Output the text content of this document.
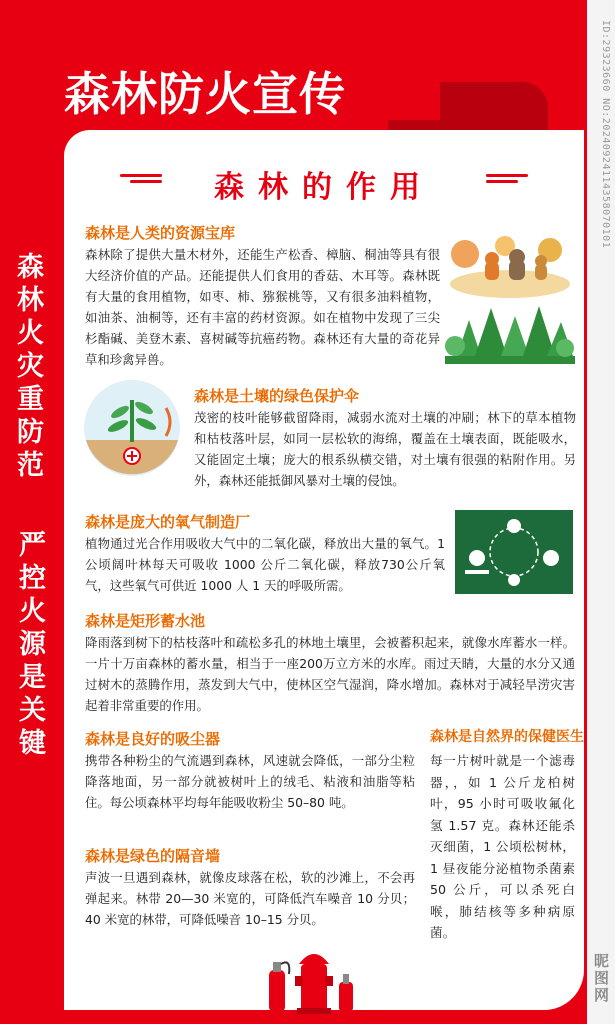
ID:29323660 NO:20240924114358070101
昵图网
森林防火宣传
森林火灾重防范
严控火源是关键
森林的作用
森林是人类的资源宝库

森林除了提供大量木材外，还能生产松香、樟脑、桐油等具有很大经济价值的产品。还能提供人们食用的香菇、木耳等。森林既有大量的食用植物，如枣、柿、猕猴桃等，又有很多油料植物，如油茶、油桐等，还有丰富的药材资源。如在植物中发现了三尖杉酯碱、美登木素、喜树碱等抗癌药物。森林还有大量的奇花异草和珍禽异兽。

森林是土壤的绿色保护伞

茂密的枝叶能够截留降雨，减弱水流对土壤的冲刷；林下的草本植物和枯枝落叶层，如同一层松软的海绵，覆盖在土壤表面，既能吸水，又能固定土壤；庞大的根系纵横交错，对土壤有很强的粘附作用。另外，森林还能抵御风暴对土壤的侵蚀。

森林是庞大的氧气制造厂

植物通过光合作用吸收大气中的二氧化碳，释放出大量的氧气。1 公顷阔叶林每天可吸收 1000 公斤二氧化碳，释放730公斤氧气，这些氧气可供近 1000 人 1 天的呼吸所需。

森林是矩形蓄水池

降雨落到树下的枯枝落叶和疏松多孔的林地土壤里，会被蓄积起来，就像水库蓄水一样。一片十万亩森林的蓄水量，相当于一座200万立方米的水库。雨过天睛，大量的水分又通过树木的蒸腾作用，蒸发到大气中，使林区空气湿润，降水增加。森林对于减轻旱涝灾害起着非常重要的作用。

森林是良好的吸尘器

携带各种粉尘的气流遇到森林，风速就会降低，一部分尘粒降落地面，另一部分就被树叶上的绒毛、粘液和油脂等粘住。每公顷森林平均每年能吸收粉尘 50–80 吨。

森林是自然界的保健医生

每一片树叶就是一个滤毒器，，如 1 公斤龙柏树叶，95 小时可吸收氟化氢 1.57 克。森林还能杀灭细菌，1 公顷松树林，1 昼夜能分泌植物杀菌素 50 公斤，可以杀死白喉，肺结核等多种病原菌。

森林是绿色的隔音墙

声波一旦遇到森林，就像皮球落在松，软的沙滩上，不会再弹起来。林带 20—30 米宽的，可降低汽车噪音 10 分贝；40 米宽的林带，可降低噪音 10–15 分贝。
